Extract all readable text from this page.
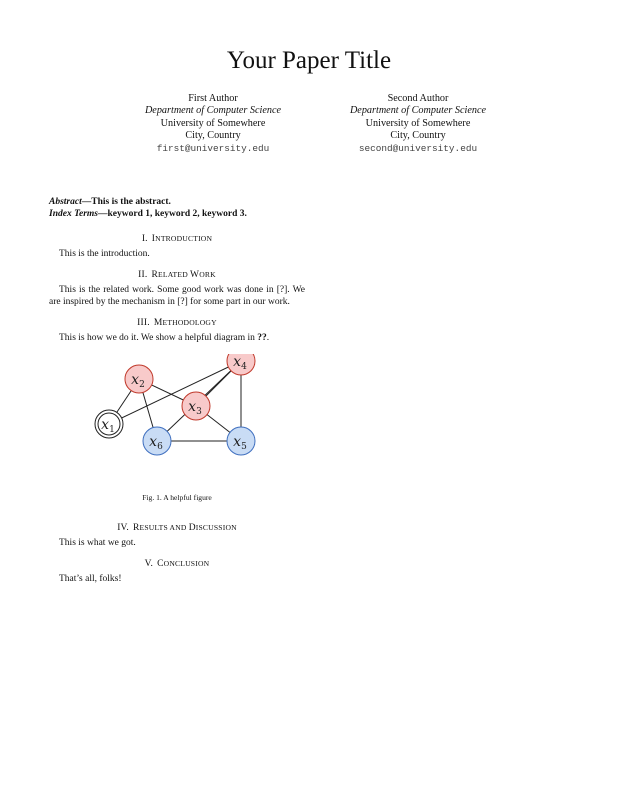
Your Paper Title
First Author
Department of Computer Science
University of Somewhere
City, Country
first@university.edu
Second Author
Department of Computer Science
University of Somewhere
City, Country
second@university.edu
Abstract—This is the abstract.
Index Terms—keyword 1, keyword 2, keyword 3.
I. INTRODUCTION

This is the introduction.

II. RELATED WORK

This is the related work. Some good work was done in [?]. We are inspired by the mechanism in [?] for some part in our work.

III. METHODOLOGY

This is how we do it. We show a helpful diagram in ??.

$x_1$
$x_2$
$x_3$
$x_4$
$x_5$
$x_6$
Fig. 1. A helpful figure
IV. RESULTS AND DISCUSSION

This is what we got.

V. CONCLUSION

That’s all, folks!
